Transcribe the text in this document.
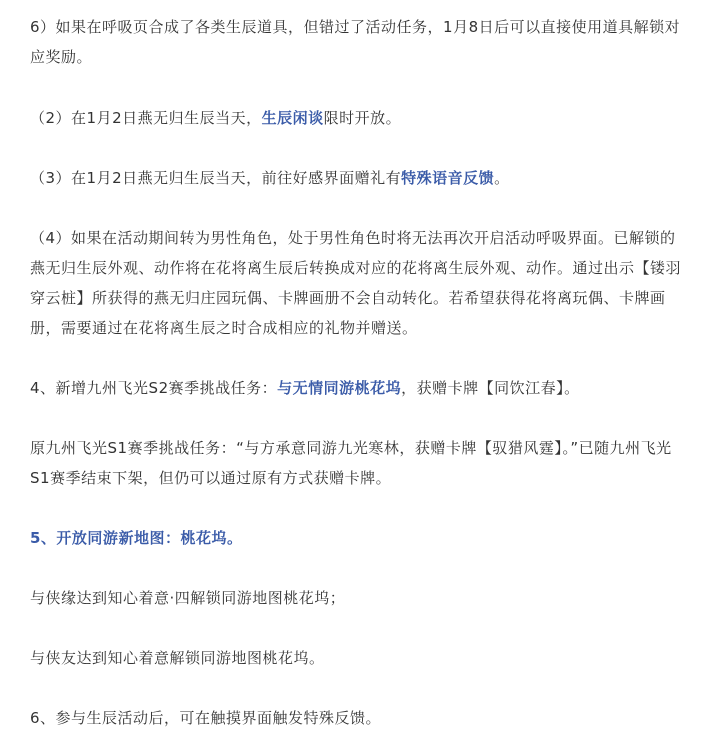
6）如果在呼吸页合成了各类生辰道具，但错过了活动任务，1月8日后可以直接使用道具解锁对应奖励。

（2）在1月2日燕无归生辰当天，生辰闲谈限时开放。

（3）在1月2日燕无归生辰当天，前往好感界面赠礼有特殊语音反馈。

（4）如果在活动期间转为男性角色，处于男性角色时将无法再次开启活动呼吸界面。已解锁的燕无归生辰外观、动作将在花将离生辰后转换成对应的花将离生辰外观、动作。通过出示【镂羽穿云桩】所获得的燕无归庄园玩偶、卡牌画册不会自动转化。若希望获得花将离玩偶、卡牌画册，需要通过在花将离生辰之时合成相应的礼物并赠送。

4、新增九州飞光S2赛季挑战任务：与无情同游桃花坞，获赠卡牌【同饮江春】。

原九州飞光S1赛季挑战任务：“与方承意同游九光寒林，获赠卡牌【驭猎风霆】。”已随九州飞光S1赛季结束下架，但仍可以通过原有方式获赠卡牌。

5、开放同游新地图：桃花坞。

与侠缘达到知心着意·四解锁同游地图桃花坞；

与侠友达到知心着意解锁同游地图桃花坞。

6、参与生辰活动后，可在触摸界面触发特殊反馈。
